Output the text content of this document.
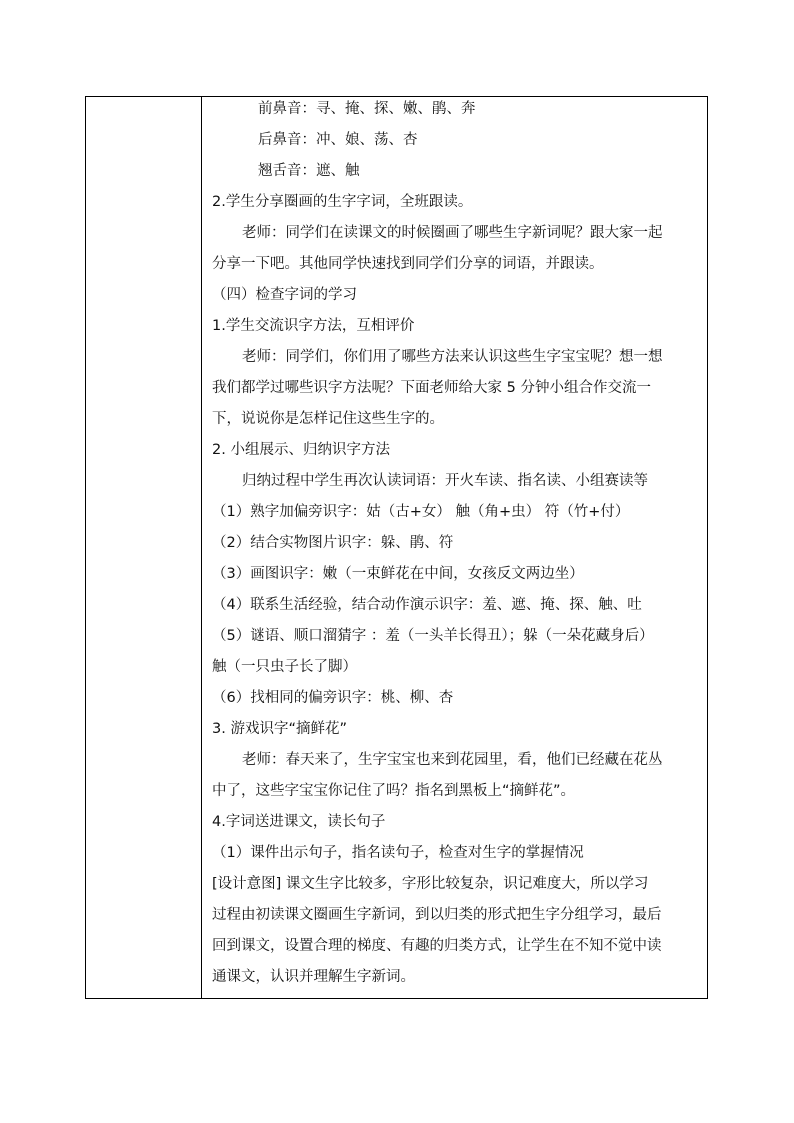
前鼻音：寻、掩、探、嫩、鹃、奔
后鼻音：冲、娘、荡、杏
翘舌音：遮、触
2.学生分享圈画的生字字词，全班跟读。
老师：同学们在读课文的时候圈画了哪些生字新词呢？跟大家一起
分享一下吧。其他同学快速找到同学们分享的词语，并跟读。
（四）检查字词的学习
1.学生交流识字方法，互相评价
老师：同学们，你们用了哪些方法来认识这些生字宝宝呢？想一想
我们都学过哪些识字方法呢？下面老师给大家 5 分钟小组合作交流一
下，说说你是怎样记住这些生字的。
2. 小组展示、归纳识字方法
归纳过程中学生再次认读词语：开火车读、指名读、小组赛读等
（1）熟字加偏旁识字：姑（古+女） 触（角+虫） 符（竹+付）
（2）结合实物图片识字：躲、鹃、符
（3）画图识字：嫩（一束鲜花在中间，女孩反文两边坐）
（4）联系生活经验，结合动作演示识字：羞、遮、掩、探、触、吐
（5）谜语、顺口溜猜字 ：羞（一头羊长得丑）；躲（一朵花藏身后）
触（一只虫子长了脚）
（6）找相同的偏旁识字：桃、柳、杏
3. 游戏识字“摘鲜花”
老师：春天来了，生字宝宝也来到花园里，看，他们已经藏在花丛
中了，这些字宝宝你记住了吗？指名到黑板上“摘鲜花”。
4.字词送进课文，读长句子
（1）课件出示句子，指名读句子，检查对生字的掌握情况
[设计意图] 课文生字比较多，字形比较复杂，识记难度大，所以学习
过程由初读课文圈画生字新词，到以归类的形式把生字分组学习，最后
回到课文，设置合理的梯度、有趣的归类方式，让学生在不知不觉中读
通课文，认识并理解生字新词。
